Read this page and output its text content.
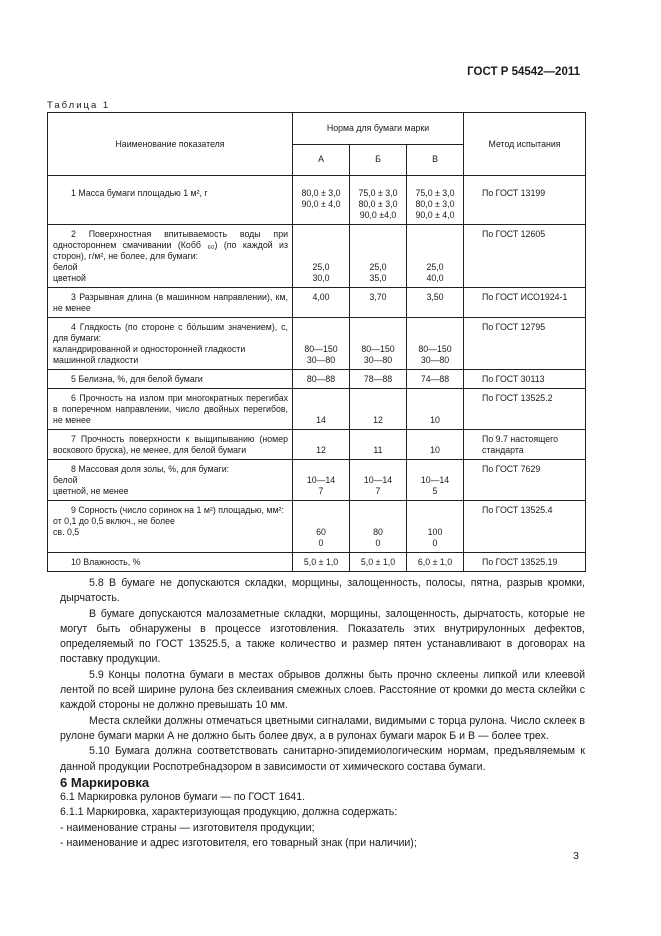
ГОСТ Р 54542—2011
Таблица 1
Наименование показателя	Норма для бумаги марки			Метод испытания
	А	Б	В	

1 Масса бумаги площадью 1 м², г	80,0 ± 3,0
90,0 ± 4,0	75,0 ± 3,0
80,0 ± 3,0
90,0 ±4,0	75,0 ± 3,0
80,0 ± 3,0
90,0 ± 4,0	По ГОСТ 13199

2 Поверхностная впитываемость воды при одностороннем смачивании (Кобб ₆₀) (по каждой из сторон), г/м², не более, для бумаги:
белой
цветной	25,0
30,0	25,0
35,0	25,0
40,0	По ГОСТ 12605

3 Разрывная длина (в машинном направлении), км, не менее	4,00	3,70	3,50	По ГОСТ ИСО1924-1

4 Гладкость (по стороне с бо́льшим значением), с, для бумаги:
каландрированной и односторонней гладкости
машинной гладкости	80—150
30—80	80—150
30—80	80—150
30—80	По ГОСТ 12795

5 Белизна, %, для белой бумаги	80—88	78—88	74—88	По ГОСТ 30113

6 Прочность на излом при многократных перегибах в поперечном направлении, число двойных перегибов, не менее	14	12	10	По ГОСТ 13525.2

7 Прочность поверхности к выщипыванию (номер воскового бруска), не менее, для белой бумаги	12	11	10	По 9.7 настоящего стандарта

8 Массовая доля золы, %, для бумаги:
белой
цветной, не менее	10—14
7	10—14
7	10—14
5	По ГОСТ 7629

9 Сорность (число соринок на 1 м²) площадью, мм²:
от 0,1 до 0,5 включ., не более
св. 0,5	60
0	80
0	100
0	По ГОСТ 13525.4

10 Влажность, %	5,0 ± 1,0	5,0 ± 1,0	6,0 ± 1,0	По ГОСТ 13525.19

5.8 В бумаге не допускаются складки, морщины, залощенность, полосы, пятна, разрыв кромки, дырчатость.

В бумаге допускаются малозаметные складки, морщины, залощенность, дырчатость, которые не могут быть обнаружены в процессе изготовления. Показатель этих внутрирулонных дефектов, определяемый по ГОСТ 13525.5, а также количество и размер пятен устанавливают в договорах на поставку продукции.

5.9 Концы полотна бумаги в местах обрывов должны быть прочно склеены липкой или клеевой лентой по всей ширине рулона без склеивания смежных слоев. Расстояние от кромки до места склейки с каждой стороны не должно превышать 10 мм.

Места склейки должны отмечаться цветными сигналами, видимыми с торца рулона. Число склеек в рулоне бумаги марки А не должно быть более двух, а в рулонах бумаги марок Б и В — более трех.

5.10 Бумага должна соответствовать санитарно-эпидемиологическим нормам, предъявляемым к данной продукции Роспотребнадзором в зависимости от химического состава бумаги.

6 Маркировка

6.1 Маркировка рулонов бумаги — по ГОСТ 1641.

6.1.1 Маркировка, характеризующая продукцию, должна содержать:

- наименование страны — изготовителя продукции;

- наименование и адрес изготовителя, его товарный знак (при наличии);

3
